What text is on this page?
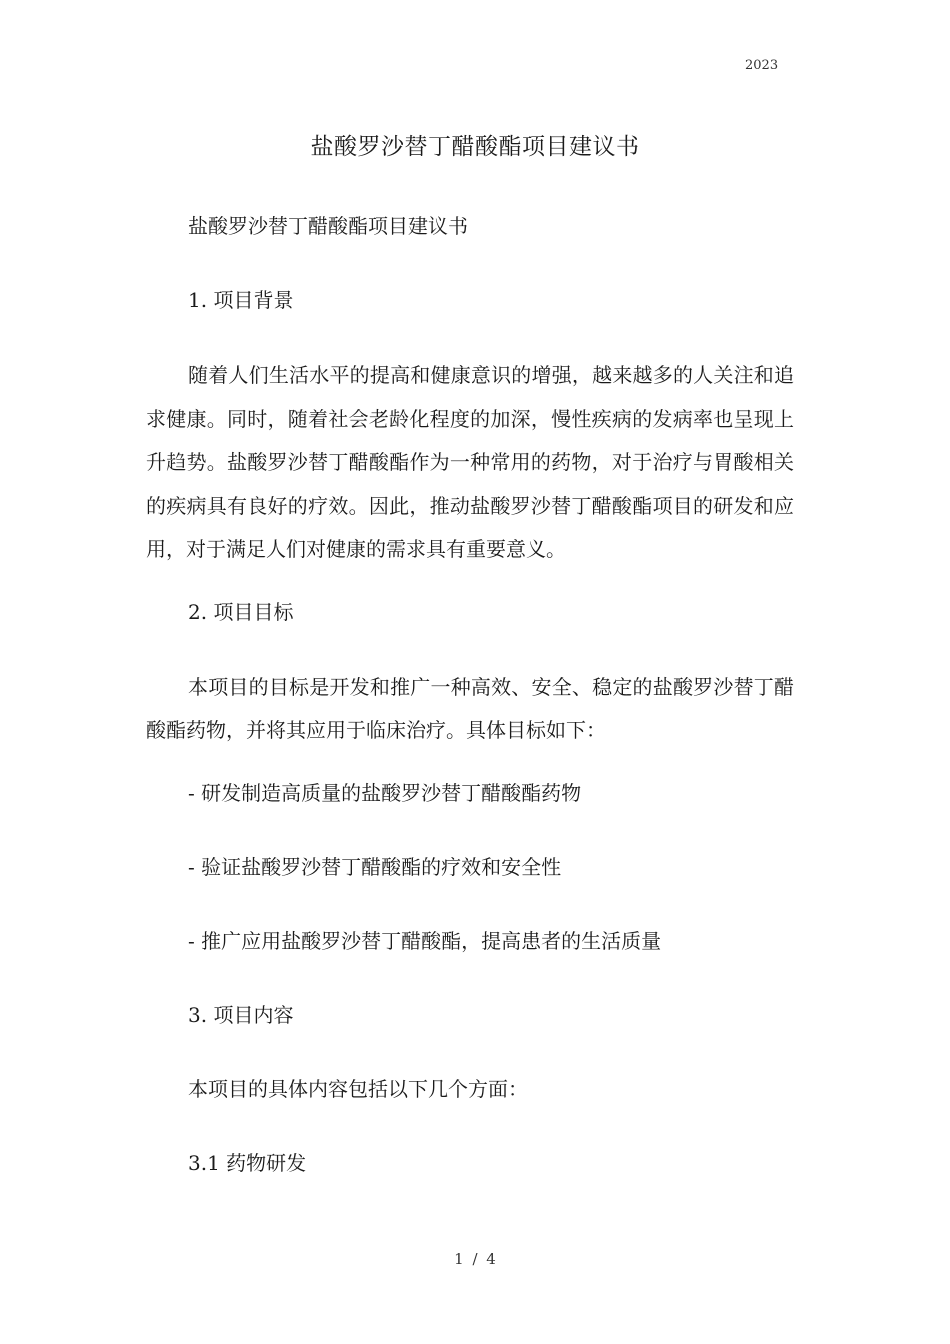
2023
盐酸罗沙替丁醋酸酯项目建议书

盐酸罗沙替丁醋酸酯项目建议书

1. 项目背景

随着人们生活水平的提高和健康意识的增强，越来越多的人关注和追求健康。同时，随着社会老龄化程度的加深，慢性疾病的发病率也呈现上升趋势。盐酸罗沙替丁醋酸酯作为一种常用的药物，对于治疗与胃酸相关的疾病具有良好的疗效。因此，推动盐酸罗沙替丁醋酸酯项目的研发和应用，对于满足人们对健康的需求具有重要意义。

2. 项目目标

本项目的目标是开发和推广一种高效、安全、稳定的盐酸罗沙替丁醋酸酯药物，并将其应用于临床治疗。具体目标如下：

- 研发制造高质量的盐酸罗沙替丁醋酸酯药物

- 验证盐酸罗沙替丁醋酸酯的疗效和安全性

- 推广应用盐酸罗沙替丁醋酸酯，提高患者的生活质量

3. 项目内容

本项目的具体内容包括以下几个方面：

3.1 药物研发

1 / 4
